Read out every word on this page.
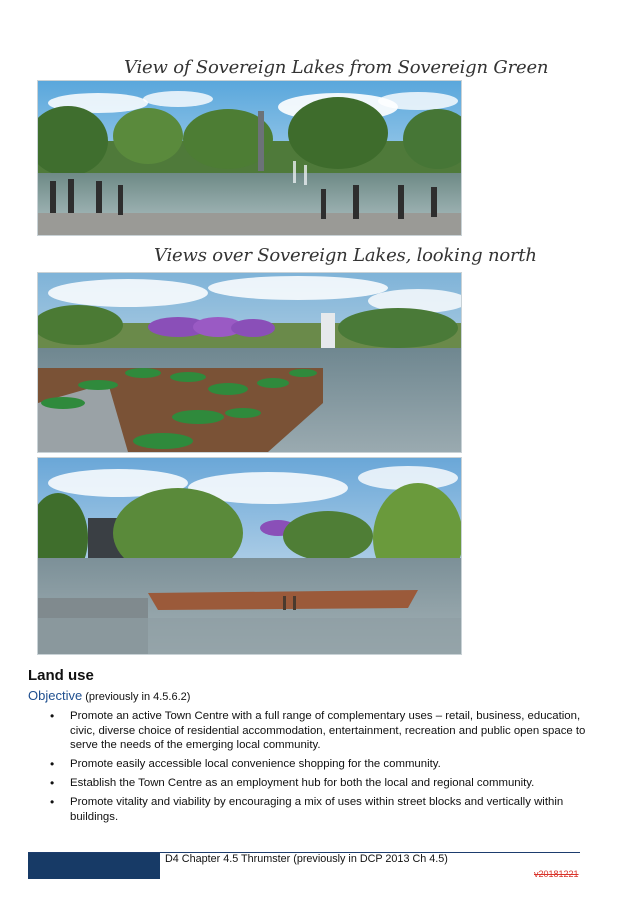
View of Sovereign Lakes from Sovereign Green
Views over Sovereign Lakes, looking north
Land use
Objective (previously in 4.5.6.2)
• Promote an active Town Centre with a full range of complementary uses – retail, business, education, civic, diverse choice of residential accommodation, entertainment, recreation and public open space to serve the needs of the emerging local community.
• Promote easily accessible local convenience shopping for the community.
• Establish the Town Centre as an employment hub for both the local and regional community.
• Promote vitality and viability by encouraging a mix of uses within street blocks and vertically within buildings.
D4 Chapter 4.5 Thrumster (previously in DCP 2013 Ch 4.5)
v20181221
